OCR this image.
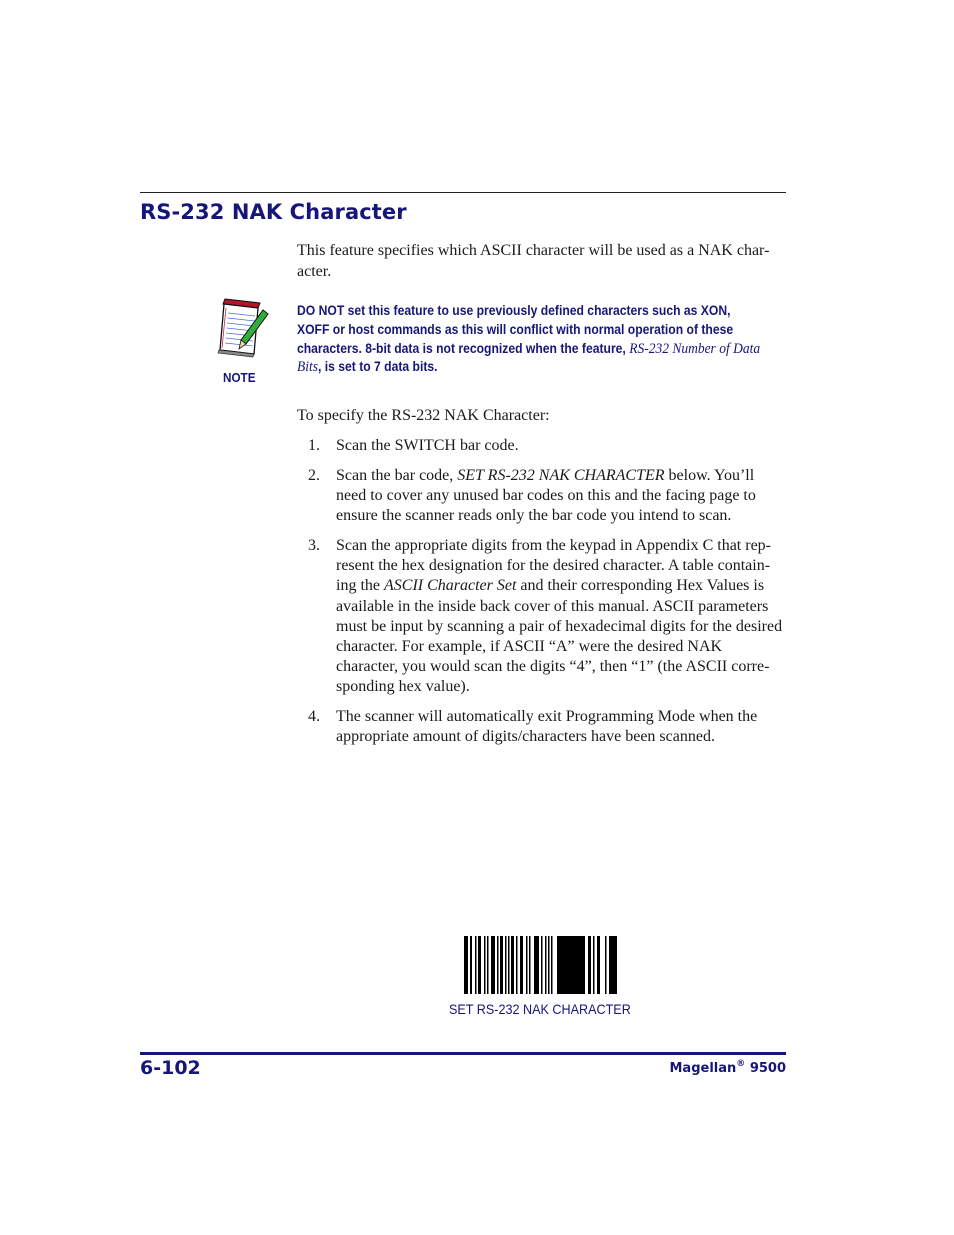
RS-232 NAK Character

This feature specifies which ASCII character will be used as a NAK char-acter.

NOTE

DO NOT set this feature to use previously defined characters such as XON, XOFF or host commands as this will conflict with normal operation of these characters. 8-bit data is not recognized when the feature, RS-232 Number of Data Bits, is set to 7 data bits.

To specify the RS-232 NAK Character:

1. Scan the SWITCH bar code.
2. Scan the bar code, SET RS-232 NAK CHARACTER below. You’ll need to cover any unused bar codes on this and the facing page to ensure the scanner reads only the bar code you intend to scan.
3. Scan the appropriate digits from the keypad in Appendix C that rep-resent the hex designation for the desired character. A table contain-ing the ASCII Character Set and their corresponding Hex Values is available in the inside back cover of this manual. ASCII parameters must be input by scanning a pair of hexadecimal digits for the desired character. For example, if ASCII “A” were the desired NAK character, you would scan the digits “4”, then “1” (the ASCII corre-sponding hex value).
4. The scanner will automatically exit Programming Mode when the appropriate amount of digits/characters have been scanned.
SET RS-232 NAK CHARACTER
6-102	Magellan® 9500
